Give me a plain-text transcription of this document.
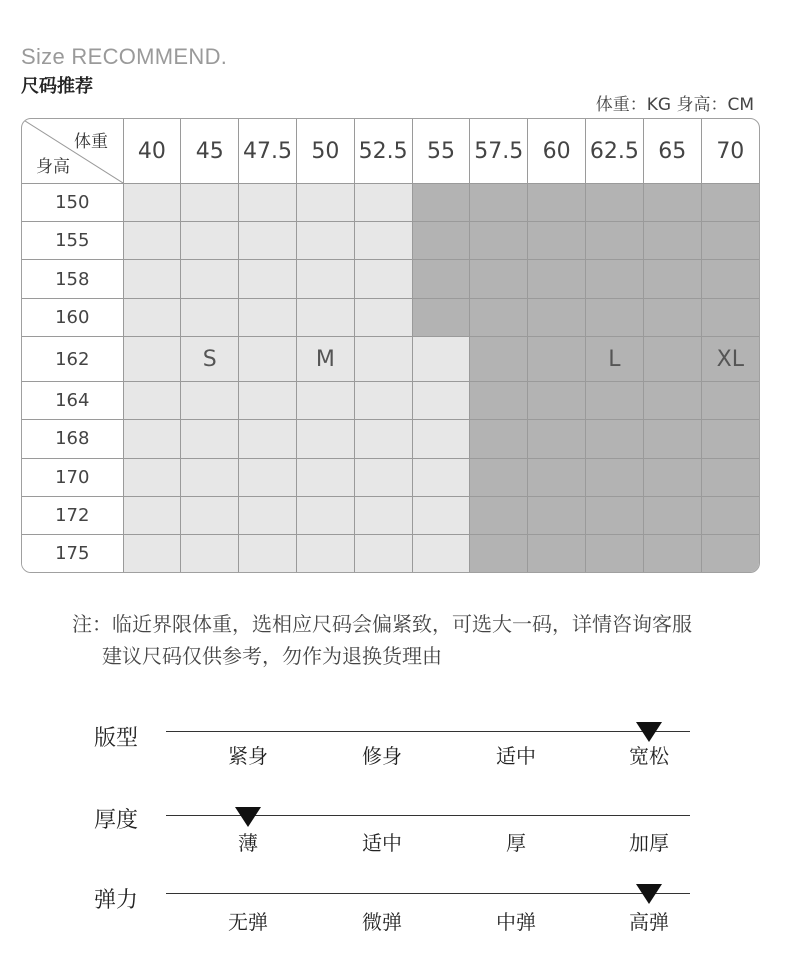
Size RECOMMEND.
尺码推荐
体重：KG 身高：CM
体重
身高	40	45	47.5	50	52.5	55	57.5	60	62.5	65	70
150											
155											
158											
160											
162		S		M					L		XL
164											
168											
170											
172											
175											
注：临近界限体重，选相应尺码会偏紧致，可选大一码，详情咨询客服
建议尺码仅供参考，勿作为退换货理由
版型
紧身	修身	适中	宽松
厚度
薄	适中	厚	加厚
弹力
无弹	微弹	中弹	高弹
